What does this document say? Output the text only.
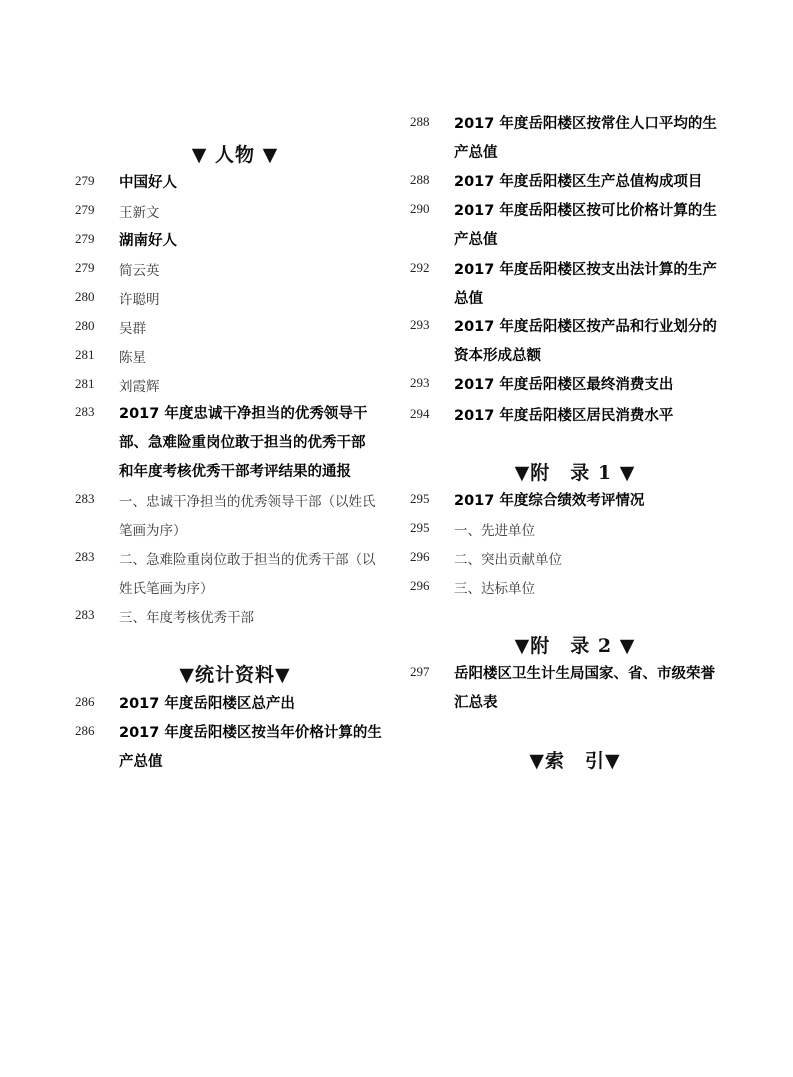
▼ 人物 ▼
279	中国好人
279	王新文
279	湖南好人
279	简云英
280	许聪明
280	吴群
281	陈星
281	刘霞辉
283	2017 年度忠诚干净担当的优秀领导干
部、急难险重岗位敢于担当的优秀干部
和年度考核优秀干部考评结果的通报
283	一、忠诚干净担当的优秀领导干部（以姓氏
笔画为序）
283	二、急难险重岗位敢于担当的优秀干部（以
姓氏笔画为序）
283	三、年度考核优秀干部
▼统计资料▼
286	2017 年度岳阳楼区总产出
286	2017 年度岳阳楼区按当年价格计算的生
产总值
288	2017 年度岳阳楼区按常住人口平均的生
产总值
288	2017 年度岳阳楼区生产总值构成项目
290	2017 年度岳阳楼区按可比价格计算的生
产总值
292	2017 年度岳阳楼区按支出法计算的生产
总值
293	2017 年度岳阳楼区按产品和行业划分的
资本形成总额
293	2017 年度岳阳楼区最终消费支出
294	2017 年度岳阳楼区居民消费水平
▼附　录 1 ▼
295	2017 年度综合绩效考评情况
295	一、先进单位
296	二、突出贡献单位
296	三、达标单位
▼附　录 2 ▼
297	岳阳楼区卫生计生局国家、省、市级荣誉
汇总表
▼索　引▼
